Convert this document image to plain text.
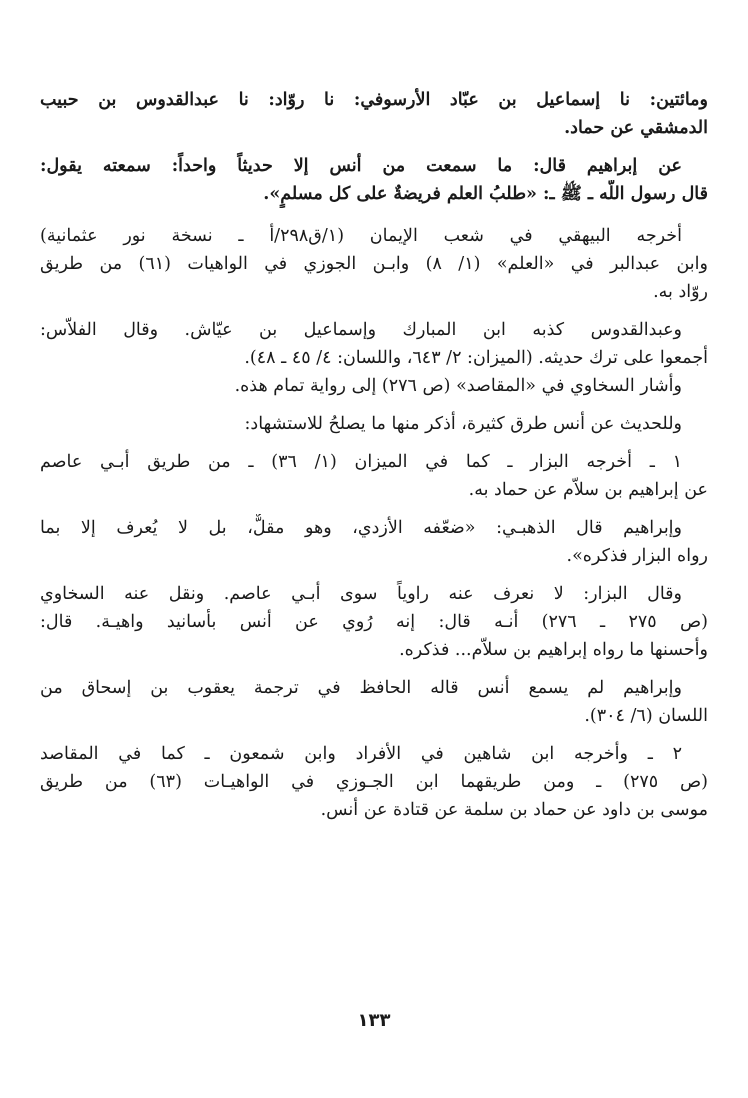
ومائتين: نا إسماعيل بن عبّاد الأرسوفي: نا روّاد: نا عبدالقدوس بن حبيب
الدمشقي عن حماد.
عن إبراهيم قال: ما سمعت من أنس إلا حديثاً واحداً: سمعته يقول:
قال رسول اللَّه ـ ﷺ ـ: «طلبُ العلم فريضةٌ على كل مسلمٍ».
أخرجه البيهقي في شعب الإيمان (١/ق٢٩٨/أ ـ نسخة نور عثمانية)
وابن عبدالبر في «العلم» (١/ ٨) وابـن الجوزي في الواهيات (٦١) من طريق
روّاد به.
وعبدالقدوس كذبه ابن المبارك وإسماعيل بن عيّاش. وقال الفلاّس:
أجمعوا على ترك حديثه. (الميزان: ٢/ ٦٤٣، واللسان: ٤/ ٤٥ ـ ٤٨).
وأشار السخاوي في «المقاصد» (ص ٢٧٦) إلى رواية تمام هذه.
وللحديث عن أنس طرق كثيرة، أذكر منها ما يصلحُ للاستشهاد:
١ ـ أخرجه البزار ـ كما في الميزان (١/ ٣٦) ـ من طريق أبـي عاصم
عن إبراهيم بن سلاّم عن حماد به.
وإبراهيم قال الذهبـي: «ضعّفه الأزدي، وهو مقلٌّ، بل لا يُعرف إلا بما
رواه البزار فذكره».
وقال البزار: لا نعرف عنه راوياً سوى أبـي عاصم. ونقل عنه السخاوي
(ص ٢٧٥ ـ ٢٧٦) أنـه قال: إنه رُوي عن أنس بأسانيد واهيـة. قال:
وأحسنها ما رواه إبراهيم بن سلاّم... فذكره.
وإبراهيم لم يسمع أنس قاله الحافظ في ترجمة يعقوب بن إسحاق من
اللسان (٦/ ٣٠٤).
٢ ـ وأخرجه ابن شاهين في الأفراد وابن شمعون ـ كما في المقاصد
(ص ٢٧٥) ـ ومن طريقهما ابن الجـوزي في الواهيـات (٦٣) من طريق
موسى بن داود عن حماد بن سلمة عن قتادة عن أنس.
١٣٣
